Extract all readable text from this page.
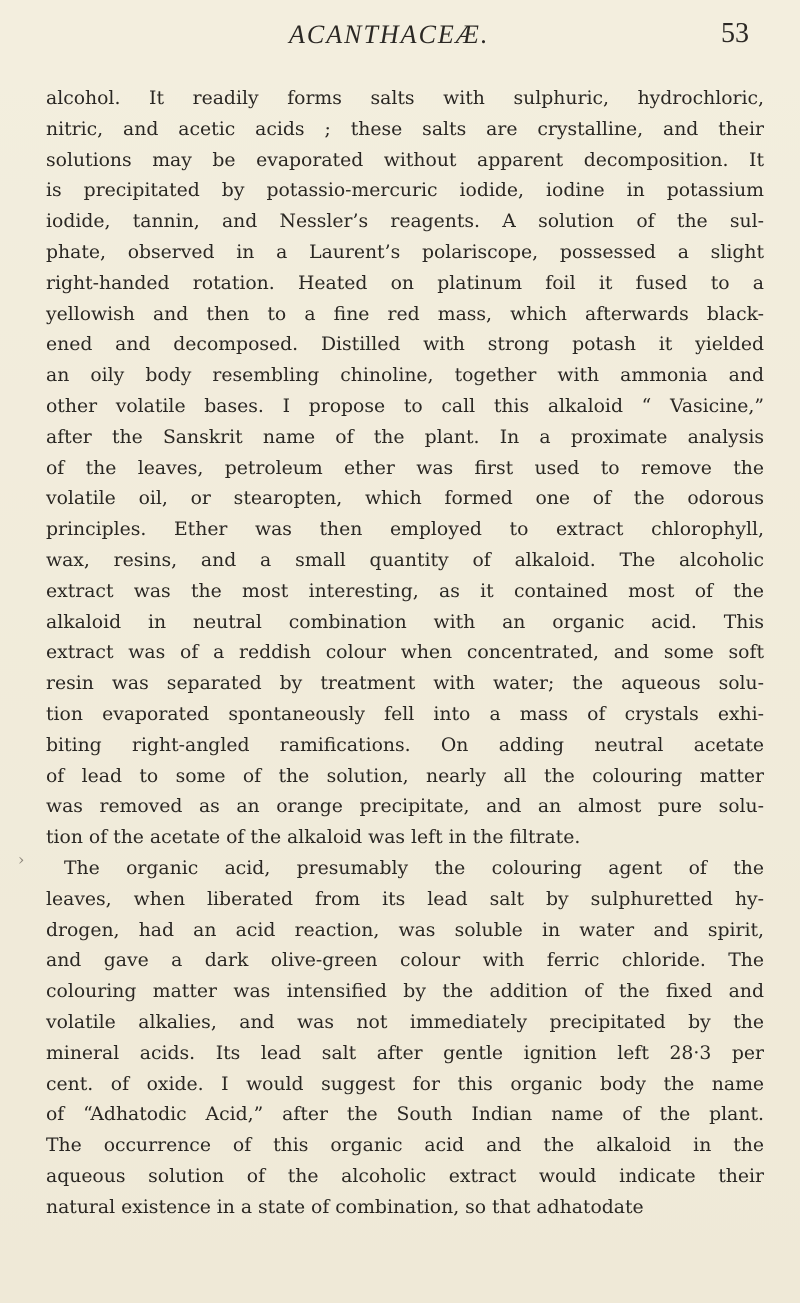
ACANTHACEÆ.	53
›
alcohol. It readily forms salts with sulphuric, hydrochloric,
nitric, and acetic acids ; these salts are crystalline, and their
solutions may be evaporated without apparent decomposition. It
is precipitated by potassio-mercuric iodide, iodine in potassium
iodide, tannin, and Nessler’s reagents. A solution of the sul-
phate, observed in a Laurent’s polariscope, possessed a slight
right-handed rotation. Heated on platinum foil it fused to a
yellowish and then to a fine red mass, which afterwards black-
ened and decomposed. Distilled with strong potash it yielded
an oily body resembling chinoline, together with ammonia and
other volatile bases. I propose to call this alkaloid “ Vasicine,”
after the Sanskrit name of the plant. In a proximate analysis
of the leaves, petroleum ether was first used to remove the
volatile oil, or stearopten, which formed one of the odorous
principles. Ether was then employed to extract chlorophyll,
wax, resins, and a small quantity of alkaloid. The alcoholic
extract was the most interesting, as it contained most of the
alkaloid in neutral combination with an organic acid. This
extract was of a reddish colour when concentrated, and some soft
resin was separated by treatment with water; the aqueous solu-
tion evaporated spontaneously fell into a mass of crystals exhi-
biting right-angled ramifications. On adding neutral acetate
of lead to some of the solution, nearly all the colouring matter
was removed as an orange precipitate, and an almost pure solu-
tion of the acetate of the alkaloid was left in the filtrate.
The organic acid, presumably the colouring agent of the
leaves, when liberated from its lead salt by sulphuretted hy-
drogen, had an acid reaction, was soluble in water and spirit,
and gave a dark olive-green colour with ferric chloride. The
colouring matter was intensified by the addition of the fixed and
volatile alkalies, and was not immediately precipitated by the
mineral acids. Its lead salt after gentle ignition left 28·3 per
cent. of oxide. I would suggest for this organic body the name
of “Adhatodic Acid,” after the South Indian name of the plant.
The occurrence of this organic acid and the alkaloid in the
aqueous solution of the alcoholic extract would indicate their
natural existence in a state of combination, so that adhatodate
